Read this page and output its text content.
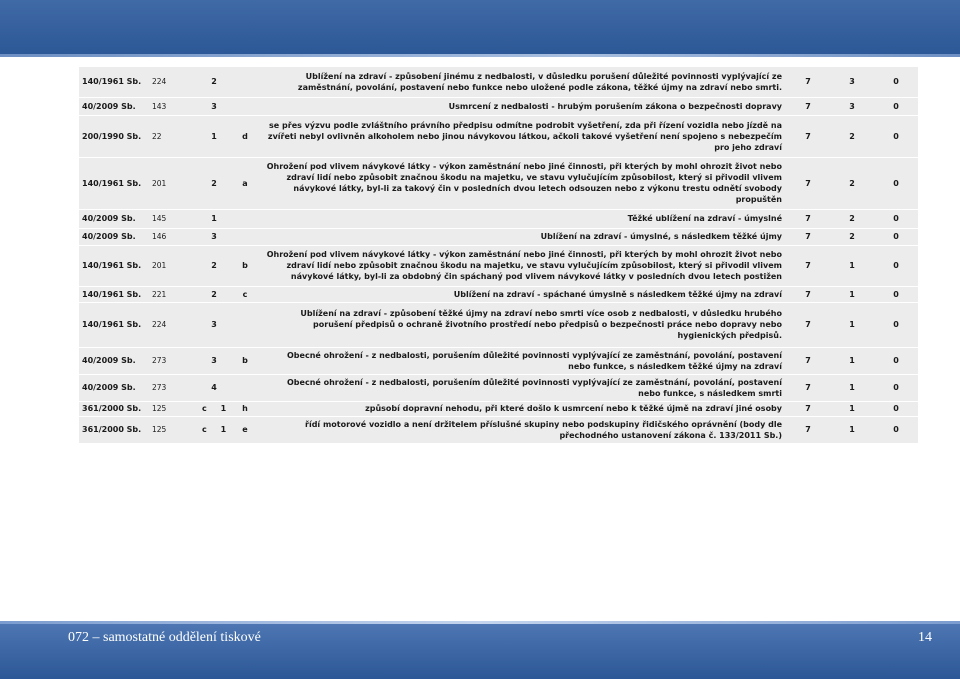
140/1961 Sb.	224	2		Ublížení na zdraví - způsobení jinému z nedbalosti, v důsledku porušení důležité povinnosti vyplývající ze zaměstnání, povolání, postavení nebo funkce nebo uložené podle zákona, těžké újmy na zdraví nebo smrti.	7	3	0
40/2009 Sb.	143	3		Usmrcení z nedbalosti - hrubým porušením zákona o bezpečnosti dopravy	7	3	0
200/1990 Sb.	22	1	d	se přes výzvu podle zvláštního právního předpisu odmítne podrobit vyšetření, zda při řízení vozidla nebo jízdě na zvířeti nebyl ovlivněn alkoholem nebo jinou návykovou látkou, ačkoli takové vyšetření není spojeno s nebezpečím pro jeho zdraví	7	2	0
140/1961 Sb.	201	2	a	Ohrožení pod vlivem návykové látky - výkon zaměstnání nebo jiné činnosti, při kterých by mohl ohrozit život nebo zdraví lidí nebo způsobit značnou škodu na majetku, ve stavu vylučujícím způsobilost, který si přivodil vlivem návykové látky, byl-li za takový čin v posledních dvou letech odsouzen nebo z výkonu trestu odnětí svobody propuštěn	7	2	0
40/2009 Sb.	145	1		Těžké ublížení na zdraví - úmyslné	7	2	0
40/2009 Sb.	146	3		Ublížení na zdraví - úmyslné, s následkem těžké újmy	7	2	0
140/1961 Sb.	201	2	b	Ohrožení pod vlivem návykové látky - výkon zaměstnání nebo jiné činnosti, při kterých by mohl ohrozit život nebo zdraví lidí nebo způsobit značnou škodu na majetku, ve stavu vylučujícím způsobilost, který si přivodil vlivem návykové látky, byl-li za obdobný čin spáchaný pod vlivem návykové látky v posledních dvou letech postižen	7	1	0
140/1961 Sb.	221	2	c	Ublížení na zdraví - spáchané úmyslně s následkem těžké újmy na zdraví	7	1	0
140/1961 Sb.	224	3		Ublížení na zdraví - způsobení těžké újmy na zdraví nebo smrti více osob z nedbalosti, v důsledku hrubého porušení předpisů o ochraně životního prostředí nebo předpisů o bezpečnosti práce nebo dopravy nebo hygienických předpisů.	7	1	0
40/2009 Sb.	273	3	b	Obecné ohrožení - z nedbalosti, porušením důležité povinnosti vyplývající ze zaměstnání, povolání, postavení nebo funkce, s následkem těžké újmy na zdraví	7	1	0
40/2009 Sb.	273	4		Obecné ohrožení - z nedbalosti, porušením důležité povinnosti vyplývající ze zaměstnání, povolání, postavení nebo funkce, s následkem smrti	7	1	0
361/2000 Sb.	125	c     1	h	způsobí dopravní nehodu, při které došlo k usmrcení nebo k těžké újmě na zdraví jiné osoby	7	1	0
361/2000 Sb.	125	c     1	e	řídí motorové vozidlo a není držitelem příslušné skupiny nebo podskupiny řidičského oprávnění (body dle přechodného ustanovení zákona č. 133/2011 Sb.)	7	1	0
072 – samostatné oddělení tiskové	14
